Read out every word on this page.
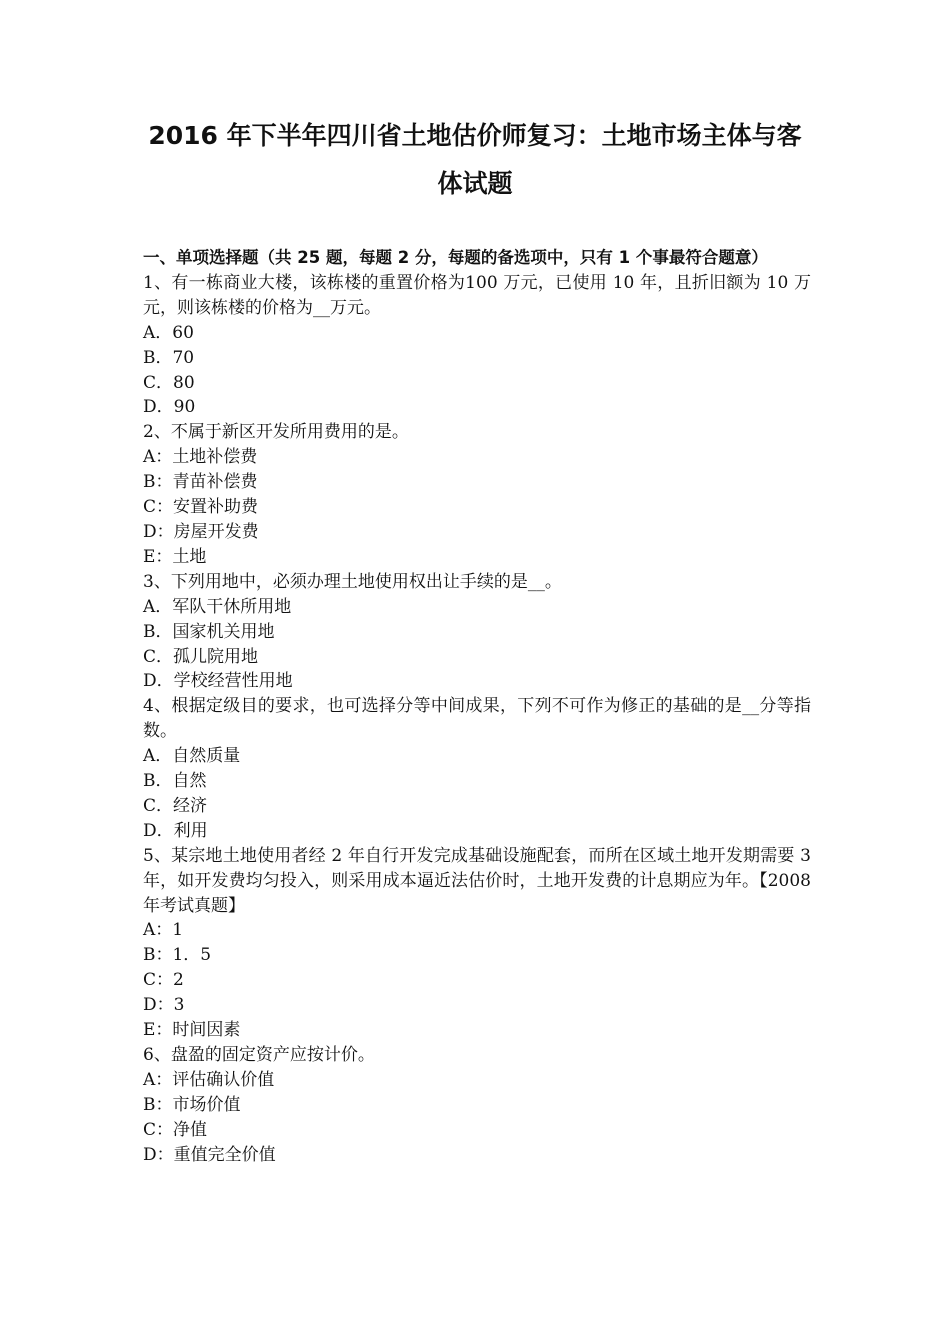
2016 年下半年四川省土地估价师复习：土地市场主体与客
体试题
一、单项选择题（共 25 题，每题 2 分，每题的备选项中，只有 1 个事最符合题意）
1、有一栋商业大楼，该栋楼的重置价格为100 万元，已使用 10 年，且折旧额为 10 万元，则该栋楼的价格为__万元。
A．60
B．70
C．80
D．90
2、不属于新区开发所用费用的是。
A：土地补偿费
B：青苗补偿费
C：安置补助费
D：房屋开发费
E：土地
3、下列用地中，必须办理土地使用权出让手续的是__。
A．军队干休所用地
B．国家机关用地
C．孤儿院用地
D．学校经营性用地
4、根据定级目的要求，也可选择分等中间成果，下列不可作为修正的基础的是__分等指数。
A．自然质量
B．自然
C．经济
D．利用
5、某宗地土地使用者经 2 年自行开发完成基础设施配套，而所在区域土地开发期需要 3 年，如开发费均匀投入，则采用成本逼近法估价时，土地开发费的计息期应为年。【2008 年考试真题】
A：1
B：1．5
C：2
D：3
E：时间因素
6、盘盈的固定资产应按计价。
A：评估确认价值
B：市场价值
C：净值
D：重值完全价值
